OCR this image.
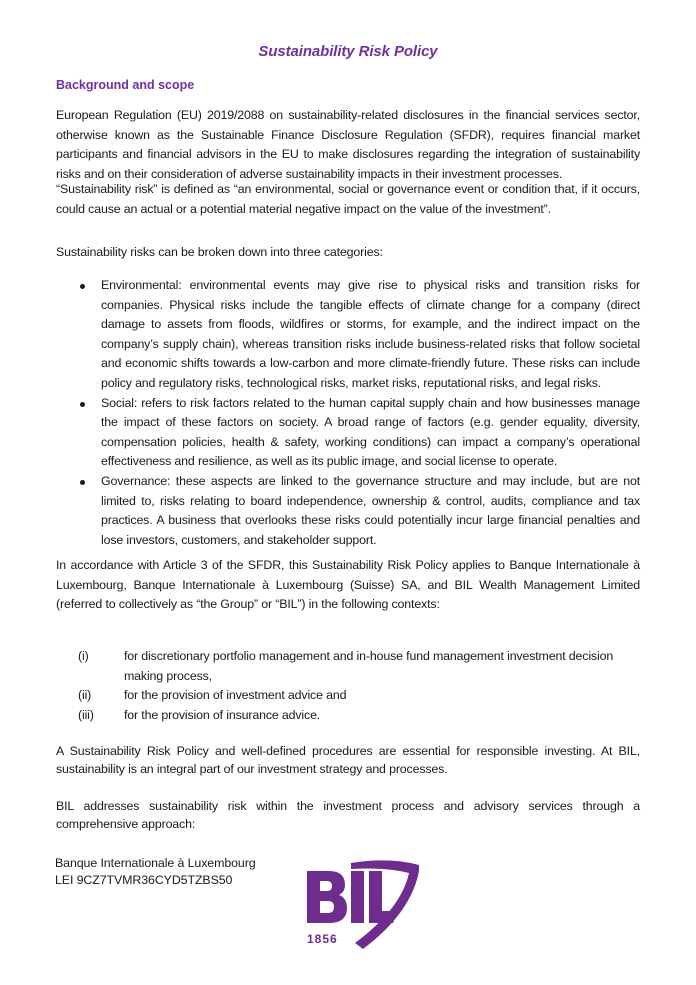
Sustainability Risk Policy
Background and scope

European Regulation (EU) 2019/2088 on sustainability-related disclosures in the financial services sector, otherwise known as the Sustainable Finance Disclosure Regulation (SFDR), requires financial market participants and financial advisors in the EU to make disclosures regarding the integration of sustainability risks and on their consideration of adverse sustainability impacts in their investment processes.

“Sustainability risk” is defined as “an environmental, social or governance event or condition that, if it occurs, could cause an actual or a potential material negative impact on the value of the investment”.

Sustainability risks can be broken down into three categories:

Environmental: environmental events may give rise to physical risks and transition risks for companies. Physical risks include the tangible effects of climate change for a company (direct damage to assets from floods, wildfires or storms, for example, and the indirect impact on the company’s supply chain), whereas transition risks include business-related risks that follow societal and economic shifts towards a low-carbon and more climate-friendly future. These risks can include policy and regulatory risks, technological risks, market risks, reputational risks, and legal risks.
Social: refers to risk factors related to the human capital supply chain and how businesses manage the impact of these factors on society. A broad range of factors (e.g. gender equality, diversity, compensation policies, health & safety, working conditions) can impact a company’s operational effectiveness and resilience, as well as its public image, and social license to operate.
Governance: these aspects are linked to the governance structure and may include, but are not limited to, risks relating to board independence, ownership & control, audits, compliance and tax practices. A business that overlooks these risks could potentially incur large financial penalties and lose investors, customers, and stakeholder support.

In accordance with Article 3 of the SFDR, this Sustainability Risk Policy applies to Banque Internationale à Luxembourg, Banque Internationale à Luxembourg (Suisse) SA, and BIL Wealth Management Limited (referred to collectively as “the Group” or “BIL”) in the following contexts:

(i)	for discretionary portfolio management and in-house fund management investment decision making process,
(ii)	for the provision of investment advice and
(iii) for the provision of insurance advice.

A Sustainability Risk Policy and well-defined procedures are essential for responsible investing. At BIL, sustainability is an integral part of our investment strategy and processes.

BIL addresses sustainability risk within the investment process and advisory services through a comprehensive approach:

Banque Internationale à Luxembourg
LEI 9CZ7TVMR36CYD5TZBS50
1856
